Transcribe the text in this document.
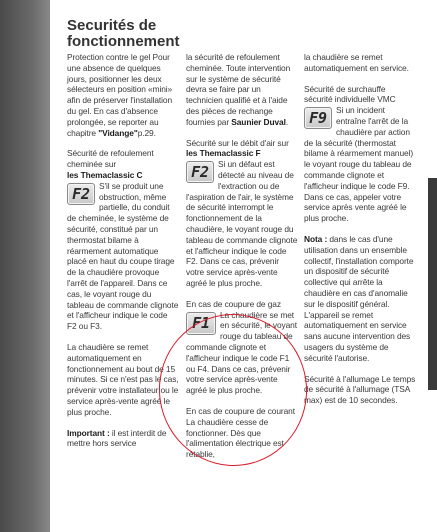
Securités de fonctionnement

Protection contre le gel Pour une absence de quelques jours, positionner les deux sélecteurs en position «mini» afin de préserver l'installation du gel. En cas d'absence prolongée, se reporter au chapitre "Vidange"p.29.

Sécurité de refoulement cheminée sur
les Themaclassic C

F2	S'il se produit une obstruction, même partielle, du conduit de cheminée, le système de sécurité, constitué par un thermostat bilame à réarmement automatique placé en haut du coupe tirage de la chaudière provoque l'arrêt de l'appareil. Dans ce cas, le voyant rouge du tableau de commande clignote et l'afficheur indique le code F2 ou F3.

La chaudière se remet automatiquement en fonctionnement au bout de 15 minutes. Si ce n'est pas le cas, prévenir votre installateur ou le service après-vente agréé le plus proche.

Important : il est interdit de mettre hors service

la sécurité de refoulement cheminée. Toute intervention sur le système de sécurité devra se faire par un technicien qualifié et à l'aide des pièces de rechange fournies par Saunier Duval.

Sécurité sur le débit d'air sur les Themaclassic F

F2	Si un défaut est détecté au niveau de l'extraction ou de l'aspiration de l'air, le système de sécurité interrompt le fonctionnement de la chaudière, le voyant rouge du tableau de commande clignote et l'afficheur indique le code F2. Dans ce cas, prévenir votre service après-vente agréé le plus proche.

En cas de coupure de gaz

F1	La chaudière se met en sécurité, le voyant rouge du tableau de commande clignote et l'afficheur indique le code F1 ou F4. Dans ce cas, prévenir votre service après-vente agréé le plus proche.

En cas de coupure de courant La chaudière cesse de fonctionner. Dès que l'alimentation électrique est rétablie,

la chaudière se remet automatiquement en service.

Sécurité de surchauffe sécurité individuelle VMC

F9	Si un incident entraîne l'arrêt de la chaudière par action de la sécurité (thermostat bilame à réarmement manuel) le voyant rouge du tableau de commande clignote et l'afficheur indique le code F9. Dans ce cas, appeler votre service après vente agréé le plus proche.

Nota : dans le cas d'une utilisation dans un ensemble collectif, l'installation comporte un dispositif de sécurité collective qui arrête la chaudière en cas d'anomalie sur le dispositif général. L'appareil se remet automatiquement en service sans aucune intervention des usagers du système de sécurité l'autorise.

Sécurité à l'allumage Le temps de sécurité à l'allumage (TSA max) est de 10 secondes.
